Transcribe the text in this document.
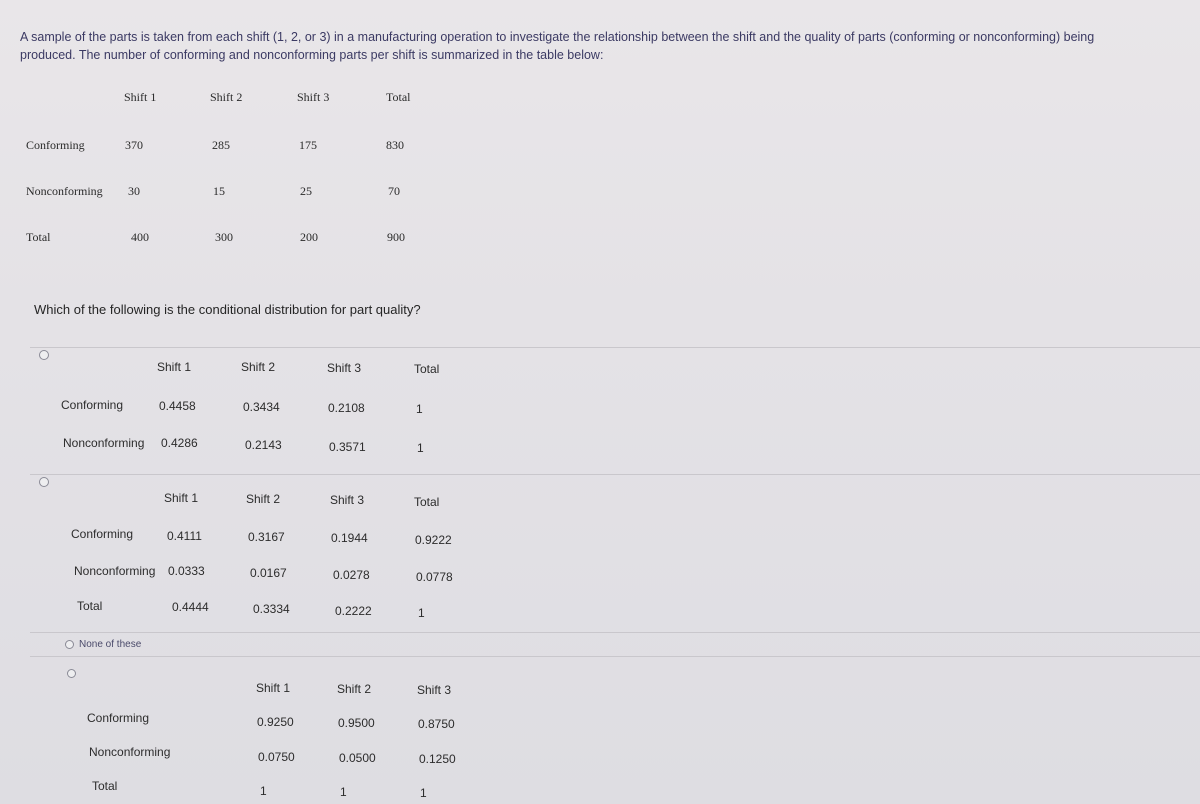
A sample of the parts is taken from each shift (1, 2, or 3) in a manufacturing operation to investigate the relationship between the shift and the quality of parts (conforming or nonconforming) being
produced. The number of conforming and nonconforming parts per shift is summarized in the table below:
Shift 1	Shift 2	Shift 3	Total
Conforming	370	285	175	830
Nonconforming 30	15	25	70
Total	400	300	200	900
Which of the following is the conditional distribution for part quality?
Shift 1	Shift 2	Shift 3	Total
Conforming	0.4458	0.3434	0.2108	1
Nonconforming 0.4286	0.2143	0.3571	1
Shift 1	Shift 2	Shift 3	Total
Conforming	0.4111	0.3167	0.1944	0.9222
Nonconforming 0.0333	0.0167	0.0278	0.0778
Total	0.4444	0.3334	0.2222	1
None of these
Shift 1	Shift 2	Shift 3
Conforming	0.9250	0.9500	0.8750
Nonconforming	0.0750	0.0500	0.1250
Total	1	1	1
